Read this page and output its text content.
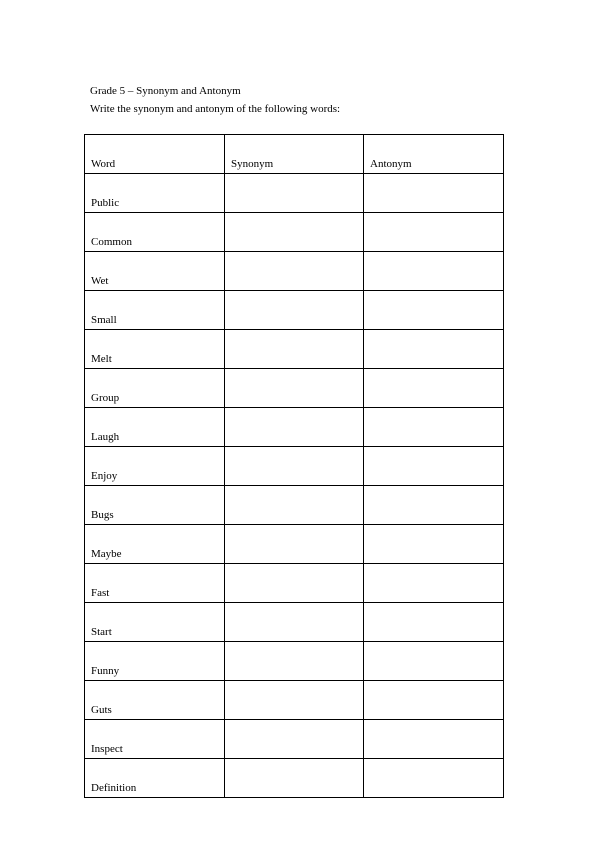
Grade 5 – Synonym and Antonym
Write the synonym and antonym of the following words:
Word	Synonym	Antonym
Public		
Common		
Wet		
Small		
Melt		
Group		
Laugh		
Enjoy		
Bugs		
Maybe		
Fast		
Start		
Funny		
Guts		
Inspect		
Definition		
